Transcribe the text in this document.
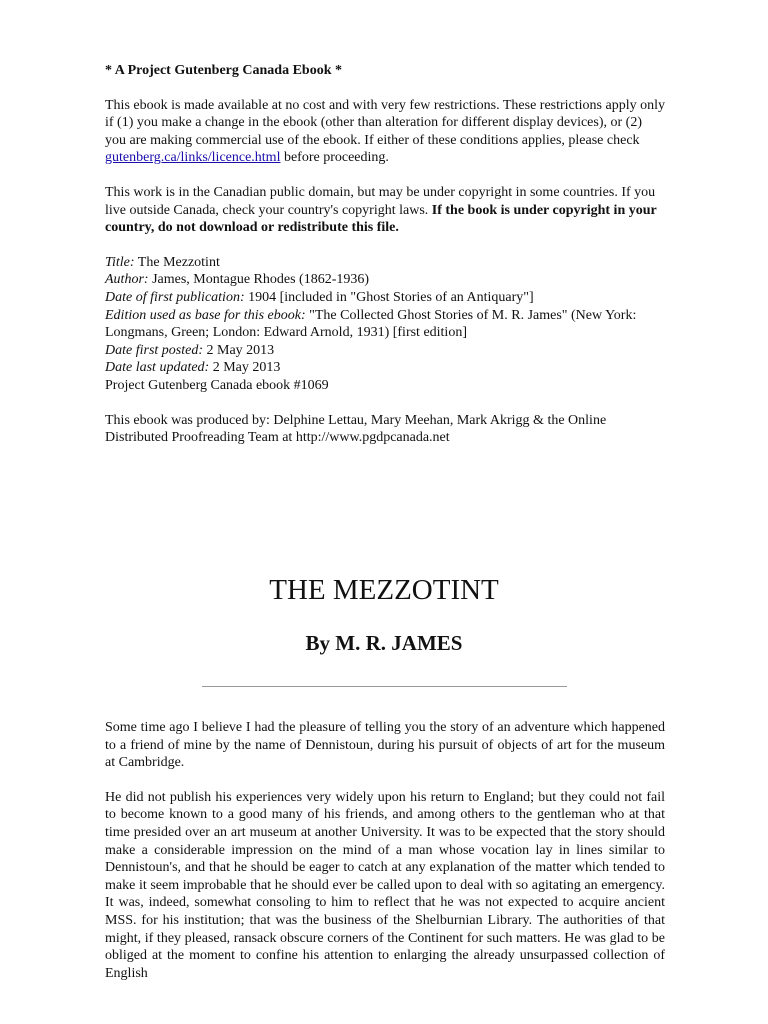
* A Project Gutenberg Canada Ebook *

This ebook is made available at no cost and with very few restrictions. These restrictions apply only if (1) you make a change in the ebook (other than alteration for different display devices), or (2) you are making commercial use of the ebook. If either of these conditions applies, please check gutenberg.ca/links/licence.html before proceeding.

This work is in the Canadian public domain, but may be under copyright in some countries. If you live outside Canada, check your country's copyright laws. If the book is under copyright in your country, do not download or redistribute this file.

Title: The Mezzotint

Author: James, Montague Rhodes (1862-1936)

Date of first publication: 1904 [included in "Ghost Stories of an Antiquary"]

Edition used as base for this ebook: "The Collected Ghost Stories of M. R. James" (New York: Longmans, Green; London: Edward Arnold, 1931) [first edition]

Date first posted: 2 May 2013

Date last updated: 2 May 2013

Project Gutenberg Canada ebook #1069

This ebook was produced by: Delphine Lettau, Mary Meehan, Mark Akrigg & the Online Distributed Proofreading Team at http://www.pgdpcanada.net

THE MEZZOTINT
By M. R. JAMES

Some time ago I believe I had the pleasure of telling you the story of an adventure which happened to a friend of mine by the name of Dennistoun, during his pursuit of objects of art for the museum at Cambridge.

He did not publish his experiences very widely upon his return to England; but they could not fail to become known to a good many of his friends, and among others to the gentleman who at that time presided over an art museum at another University. It was to be expected that the story should make a considerable impression on the mind of a man whose vocation lay in lines similar to Dennistoun's, and that he should be eager to catch at any explanation of the matter which tended to make it seem improbable that he should ever be called upon to deal with so agitating an emergency. It was, indeed, somewhat consoling to him to reflect that he was not expected to acquire ancient MSS. for his institution; that was the business of the Shelburnian Library. The authorities of that might, if they pleased, ransack obscure corners of the Continent for such matters. He was glad to be obliged at the moment to confine his attention to enlarging the already unsurpassed collection of English
